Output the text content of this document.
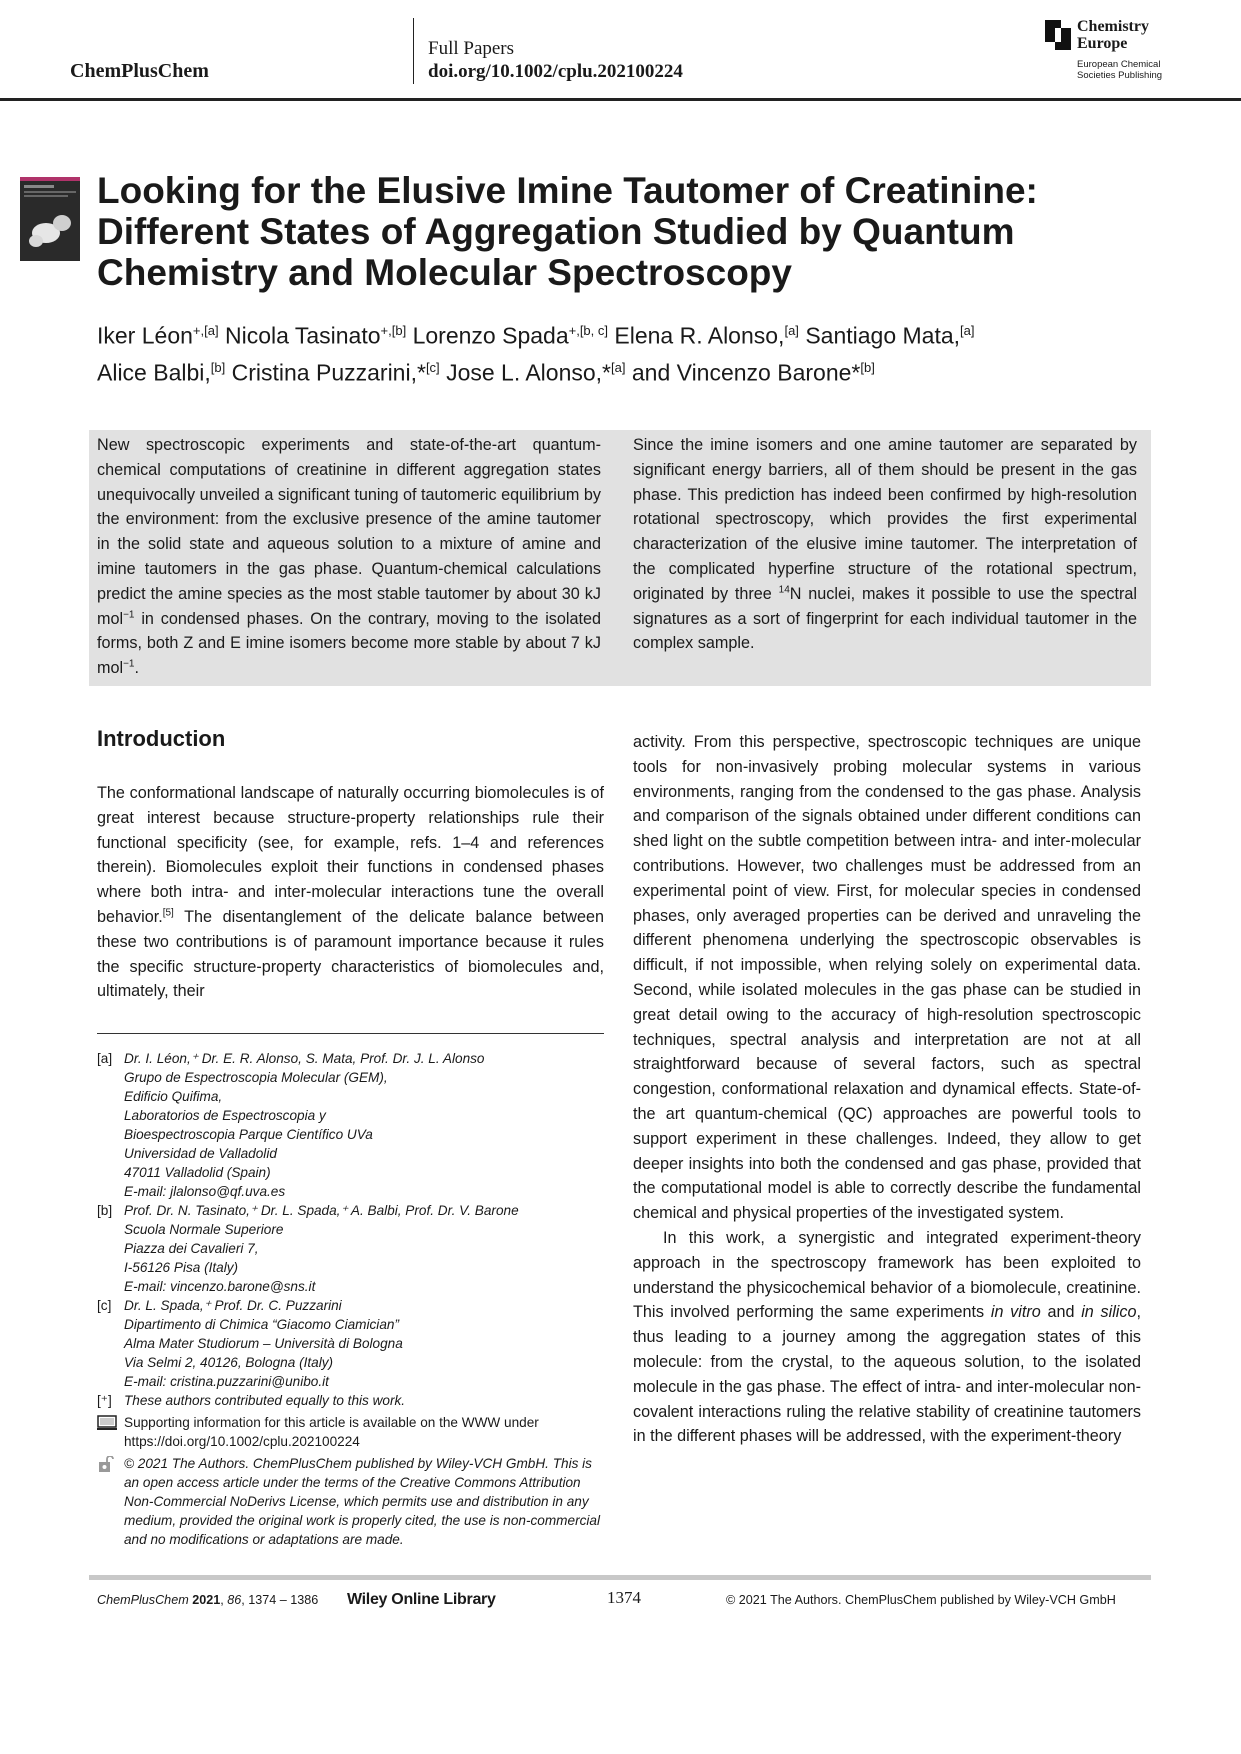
ChemPlusChem
Full Papers
doi.org/10.1002/cplu.202100224
Chemistry
Europe
European Chemical
Societies Publishing
Looking for the Elusive Imine Tautomer of Creatinine:
Different States of Aggregation Studied by Quantum
Chemistry and Molecular Spectroscopy

Iker Léon$^{+,[a]}$ Nicola Tasinato$^{+,[b]}$ Lorenzo Spada$^{+,[b, c]}$ Elena R. Alonso,[a] Santiago Mata,[a]
Alice Balbi,[b] Cristina Puzzarini,*[c] Jose L. Alonso,*[a] and Vincenzo Barone*[b]

New spectroscopic experiments and state-of-the-art quantum-chemical computations of creatinine in different aggregation states unequivocally unveiled a significant tuning of tautomeric equilibrium by the environment: from the exclusive presence of the amine tautomer in the solid state and aqueous solution to a mixture of amine and imine tautomers in the gas phase. Quantum-chemical calculations predict the amine species as the most stable tautomer by about 30 kJ mol$^{-1}$ in condensed phases. On the contrary, moving to the isolated forms, both Z and E imine isomers become more stable by about 7 kJ mol$^{-1}$.

Since the imine isomers and one amine tautomer are separated by significant energy barriers, all of them should be present in the gas phase. This prediction has indeed been confirmed by high-resolution rotational spectroscopy, which provides the first experimental characterization of the elusive imine tautomer. The interpretation of the complicated hyperfine structure of the rotational spectrum, originated by three $^{14}$N nuclei, makes it possible to use the spectral signatures as a sort of fingerprint for each individual tautomer in the complex sample.

Introduction

The conformational landscape of naturally occurring biomolecules is of great interest because structure-property relationships rule their functional specificity (see, for example, refs. 1–4 and references therein). Biomolecules exploit their functions in condensed phases where both intra- and inter-molecular interactions tune the overall behavior.[5] The disentanglement of the delicate balance between these two contributions is of paramount importance because it rules the specific structure-property characteristics of biomolecules and, ultimately, their

activity. From this perspective, spectroscopic techniques are unique tools for non-invasively probing molecular systems in various environments, ranging from the condensed to the gas phase. Analysis and comparison of the signals obtained under different conditions can shed light on the subtle competition between intra- and inter-molecular contributions. However, two challenges must be addressed from an experimental point of view. First, for molecular species in condensed phases, only averaged properties can be derived and unraveling the different phenomena underlying the spectroscopic observables is difficult, if not impossible, when relying solely on experimental data. Second, while isolated molecules in the gas phase can be studied in great detail owing to the accuracy of high-resolution spectroscopic techniques, spectral analysis and interpretation are not at all straightforward because of several factors, such as spectral congestion, conformational relaxation and dynamical effects. State-of-the art quantum-chemical (QC) approaches are powerful tools to support experiment in these challenges. Indeed, they allow to get deeper insights into both the condensed and gas phase, provided that the computational model is able to correctly describe the fundamental chemical and physical properties of the investigated system.

In this work, a synergistic and integrated experiment-theory approach in the spectroscopy framework has been exploited to understand the physicochemical behavior of a biomolecule, creatinine. This involved performing the same experiments in vitro and in silico, thus leading to a journey among the aggregation states of this molecule: from the crystal, to the aqueous solution, to the isolated molecule in the gas phase. The effect of intra- and inter-molecular non-covalent interactions ruling the relative stability of creatinine tautomers in the different phases will be addressed, with the experiment-theory

[a] Dr. I. Léon,⁺ Dr. E. R. Alonso, S. Mata, Prof. Dr. J. L. Alonso
Grupo de Espectroscopia Molecular (GEM),
Edificio Quifima,
Laboratorios de Espectroscopia y
Bioespectroscopia Parque Científico UVa
Universidad de Valladolid
47011 Valladolid (Spain)
E-mail: jlalonso@qf.uva.es
[b] Prof. Dr. N. Tasinato,⁺ Dr. L. Spada,⁺ A. Balbi, Prof. Dr. V. Barone
Scuola Normale Superiore
Piazza dei Cavalieri 7,
I-56126 Pisa (Italy)
E-mail: vincenzo.barone@sns.it
[c] Dr. L. Spada,⁺ Prof. Dr. C. Puzzarini
Dipartimento di Chimica “Giacomo Ciamician”
Alma Mater Studiorum – Università di Bologna
Via Selmi 2, 40126, Bologna (Italy)
E-mail: cristina.puzzarini@unibo.it
[⁺] These authors contributed equally to this work.
Supporting information for this article is available on the WWW under https://doi.org/10.1002/cplu.202100224
© 2021 The Authors. ChemPlusChem published by Wiley-VCH GmbH. This is an open access article under the terms of the Creative Commons Attribution Non-Commercial NoDerivs License, which permits use and distribution in any medium, provided the original work is properly cited, the use is non-commercial and no modifications or adaptations are made.
ChemPlusChem 2021, 86, 1374 – 1386 Wiley Online Library	1374	© 2021 The Authors. ChemPlusChem published by Wiley-VCH GmbH
